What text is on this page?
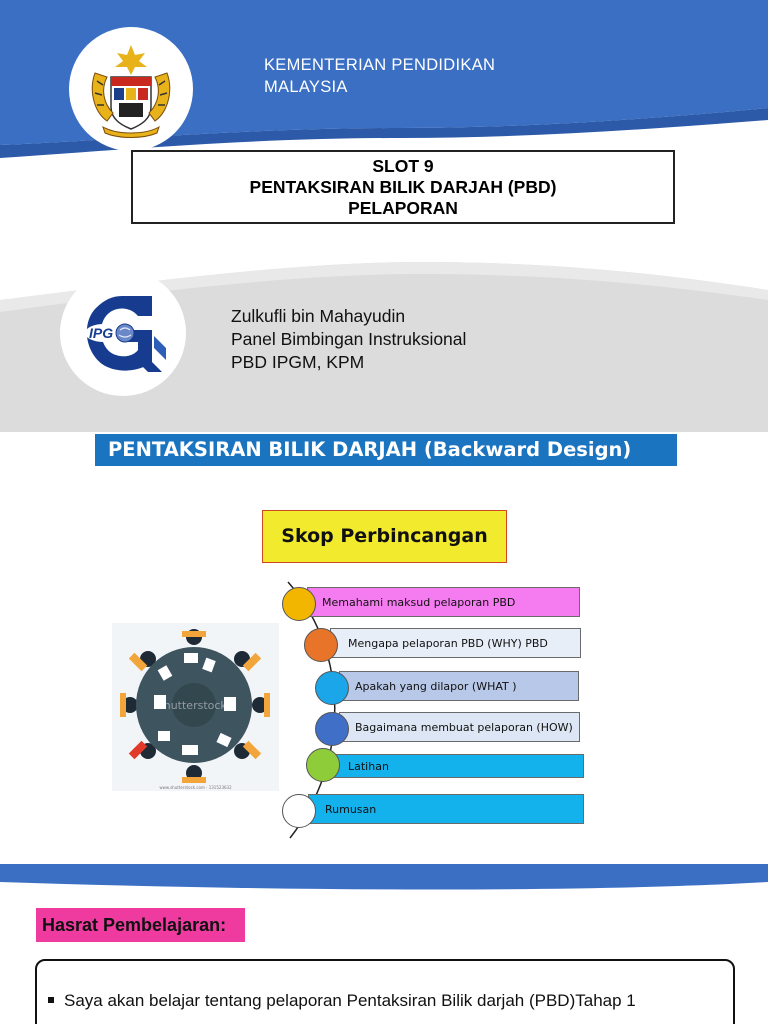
KEMENTERIAN PENDIDIKAN
MALAYSIA
SLOT 9
PENTAKSIRAN BILIK DARJAH (PBD)
PELAPORAN
IPG
Zulkufli bin Mahayudin
Panel Bimbingan Instruksional
PBD IPGM, KPM
PENTAKSIRAN BILIK DARJAH (Backward Design)
Skop Perbincangan
shutterstock
www.shutterstock.com · 131523632
Memahami maksud pelaporan PBD
Mengapa pelaporan PBD (WHY) PBD
Apakah yang dilapor (WHAT )
Bagaimana membuat pelaporan (HOW)
Latihan
Rumusan
Hasrat Pembelajaran:
Saya akan belajar tentang pelaporan Pentaksiran Bilik darjah (PBD)Tahap 1
